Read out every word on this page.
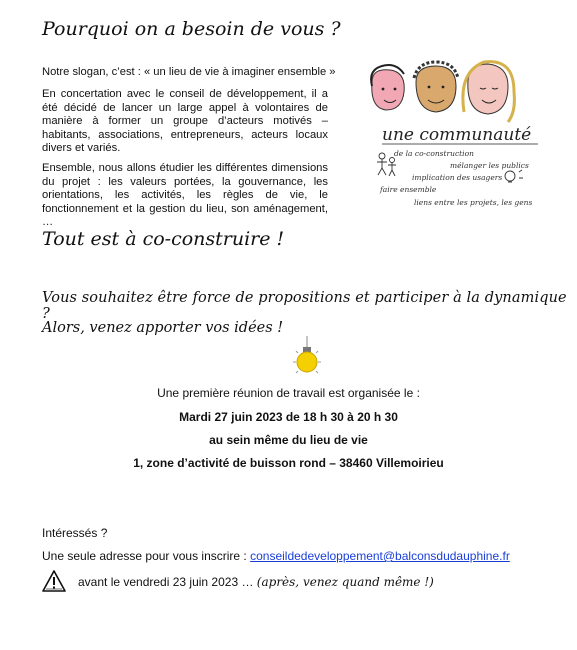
Pourquoi on a besoin de vous ?
Notre slogan, c’est : « un lieu de vie à imaginer ensemble »

En concertation avec le conseil de développement, il a été décidé de lancer un large appel à volontaires de manière à former un groupe d’acteurs motivés – habitants, associations, entrepreneurs, acteurs locaux divers et variés.

Ensemble, nous allons étudier les différentes dimensions du projet : les valeurs portées, la gouvernance, les orientations, les activités, les règles de vie, le fonctionnement et la gestion du lieu, son aménagement, …

une communauté
de la co-construction
mélanger les publics
implication des usagers
faire ensemble
liens entre les projets, les gens
Tout est à co-construire !
Vous souhaitez être force de propositions et participer à la dynamique ?
Alors, venez apporter vos idées !
Une première réunion de travail est organisée le :
Mardi 27 juin 2023 de 18 h 30 à 20 h 30
au sein même du lieu de vie
1, zone d’activité de buisson rond – 38460 Villemoirieu
Intéressés ?
Une seule adresse pour vous inscrire : conseildedeveloppement@balconsdudauphine.fr
avant le vendredi 23 juin 2023 … (après, venez quand même !)
